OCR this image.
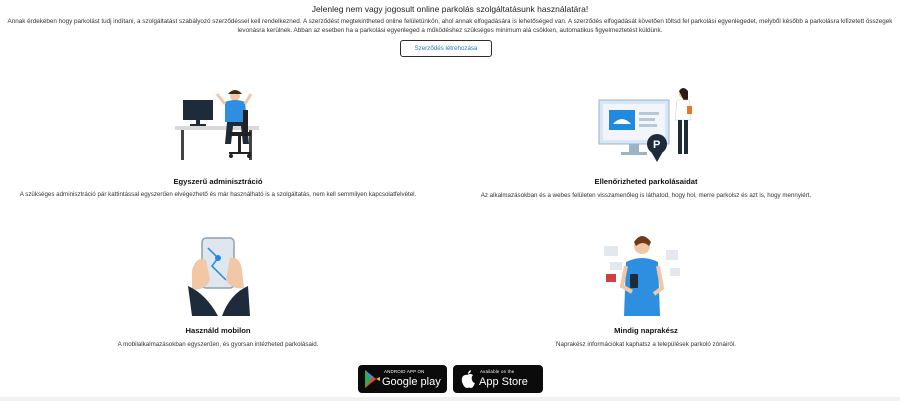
Jelenleg nem vagy jogosult online parkolás szolgáltatásunk használatára!
Annak érdekében hogy parkolást tudj indítani, a szolgáltatást szabályozó szerződéssel kell rendelkezned. A szerződést megtekintheted online felületünkön, ahol annak elfogadására is lehetőséged van. A szerződés elfogadását követően töltsd fel parkolási egyenlegedet, melyből később a parkolásra kifizetett összegek levonásra kerülnek. Abban az esetben ha a parkolási egyenleged a működéshez szükséges minimum alá csökken, automatikus figyelmeztetést küldünk.
Szerződés létrehozása
Egyszerű adminisztráció
A szükséges adminisztráció pár kattintással egyszerűen elvégezhető és már használható is a szolgáltatás, nem kell semmilyen kapcsolatfelvétel.
P
Ellenőrizheted parkolásaidat
Az alkalmazásokban és a webes felületen visszamenőleg is láthatod, hogy hol, merre parkolsz és azt is, hogy mennyiért.
Használd mobilon
A mobilalkalmazásokban egyszerűen, és gyorsan intézheted parkolásaid.
Mindig naprakész
Naprakész információkat kaphatsz a települések parkoló zónáiról.
ANDROID APP ON
Google play
Available on the
App Store
